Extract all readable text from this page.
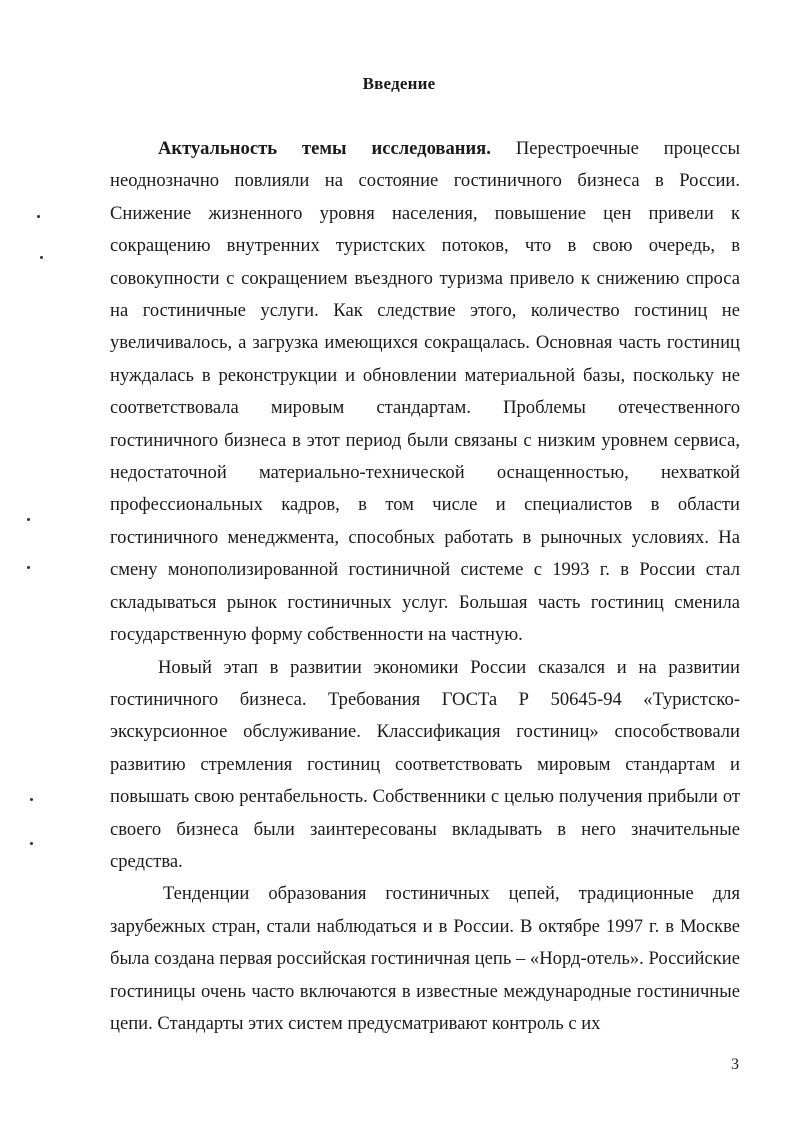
Введение

Актуальность темы исследования. Перестроечные процессы неоднозначно повлияли на состояние гостиничного бизнеса в России. Снижение жизненного уровня населения, повышение цен привели к сокращению внутренних туристских потоков, что в свою очередь, в совокупности с сокращением въездного туризма привело к снижению спроса на гостиничные услуги. Как следствие этого, количество гостиниц не увеличивалось, а загрузка имеющихся сокращалась. Основная часть гостиниц нуждалась в реконструкции и обновлении материальной базы, поскольку не соответствовала мировым стандартам. Проблемы отечественного гостиничного бизнеса в этот период были связаны с низким уровнем сервиса, недостаточной материально-технической оснащенностью, нехваткой профессиональных кадров, в том числе и специалистов в области гостиничного менеджмента, способных работать в рыночных условиях. На смену монополизированной гостиничной системе с 1993 г. в России стал складываться рынок гостиничных услуг. Большая часть гостиниц сменила государственную форму собственности на частную.

Новый этап в развитии экономики России сказался и на развитии гостиничного бизнеса. Требования ГОСТа Р 50645-94 «Туристско-экскурсионное обслуживание. Классификация гостиниц» способствовали развитию стремления гостиниц соответствовать мировым стандартам и повышать свою рентабельность. Собственники с целью получения прибыли от своего бизнеса были заинтересованы вкладывать в него значительные средства.

Тенденции образования гостиничных цепей, традиционные для зарубежных стран, стали наблюдаться и в России. В октябре 1997 г. в Москве была создана первая российская гостиничная цепь – «Норд-отель». Российские гостиницы очень часто включаются в известные международные гостиничные цепи. Стандарты этих систем предусматривают контроль с их

3
